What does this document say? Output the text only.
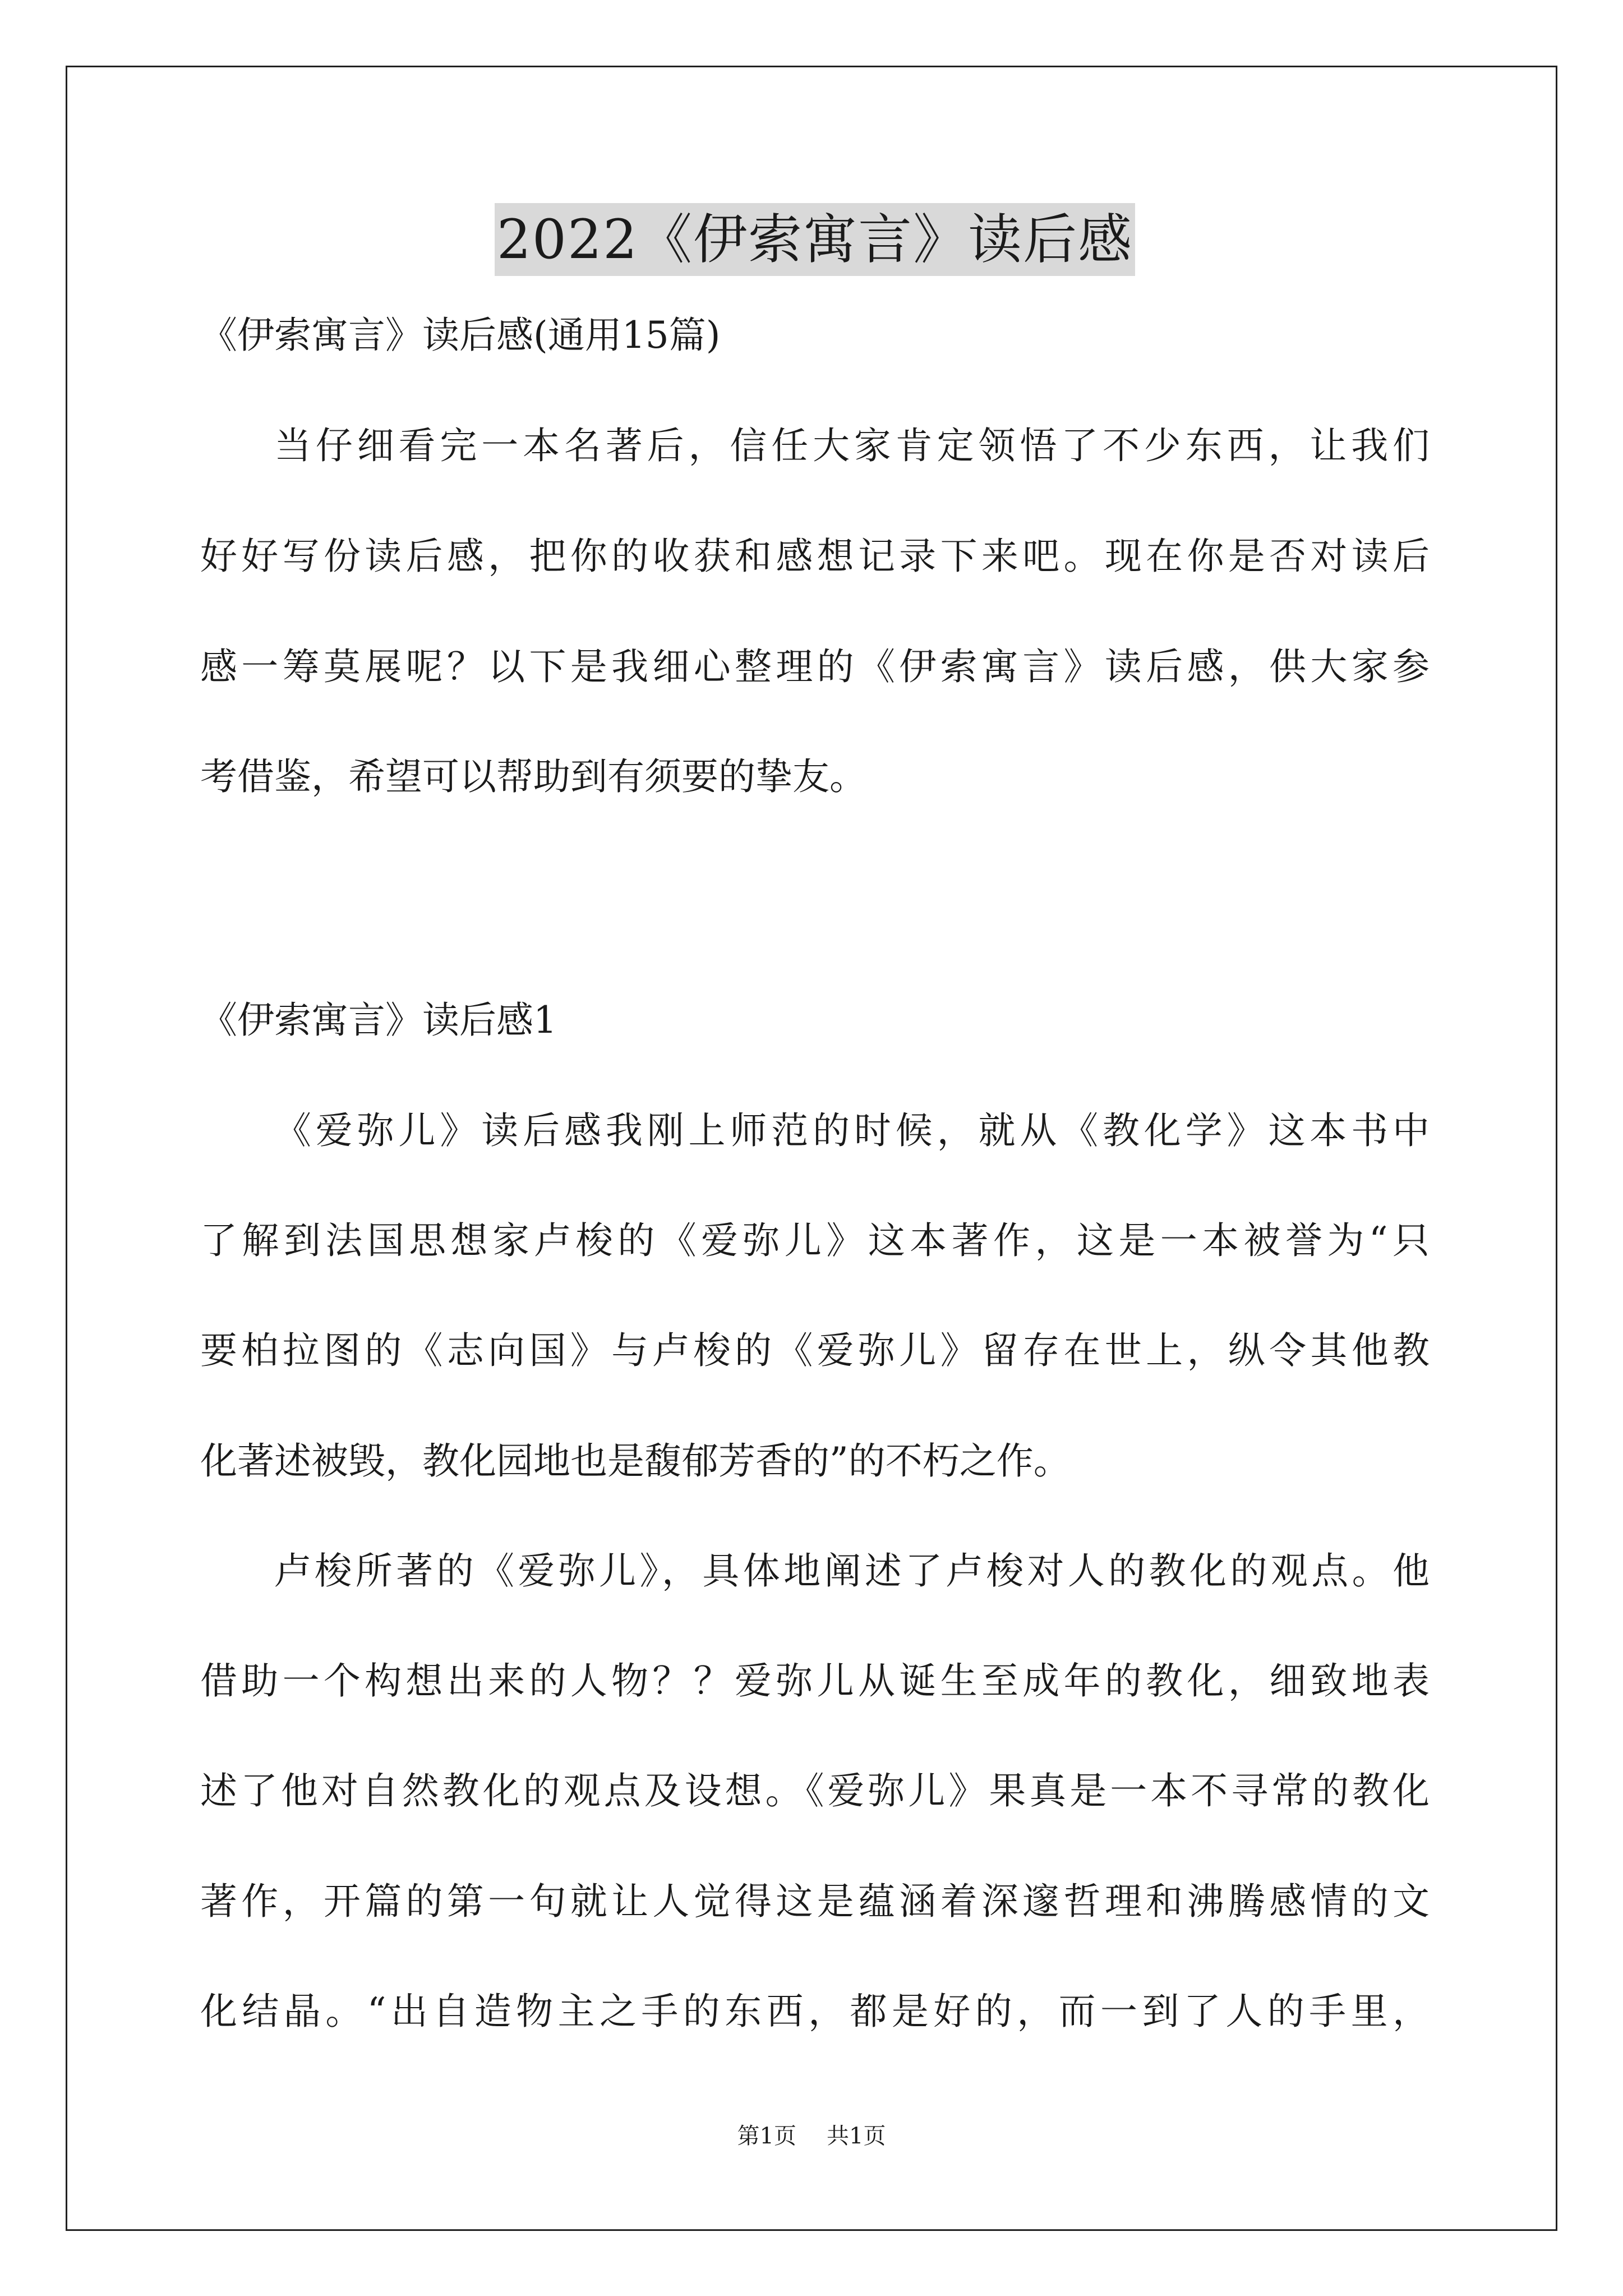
2022《伊索寓言》读后感
《伊索寓言》读后感(通用15篇)
当仔细看完一本名著后，信任大家肯定领悟了不少东西，让我们
好好写份读后感，把你的收获和感想记录下来吧。现在你是否对读后
感一筹莫展呢？以下是我细心整理的《伊索寓言》读后感，供大家参
考借鉴，希望可以帮助到有须要的挚友。
《伊索寓言》读后感1
《爱弥儿》读后感我刚上师范的时候，就从《教化学》这本书中
了解到法国思想家卢梭的《爱弥儿》这本著作，这是一本被誉为“只
要柏拉图的《志向国》与卢梭的《爱弥儿》留存在世上，纵令其他教
化著述被毁，教化园地也是馥郁芳香的”的不朽之作。
卢梭所著的《爱弥儿》，具体地阐述了卢梭对人的教化的观点。他
借助一个构想出来的人物？？爱弥儿从诞生至成年的教化，细致地表
述了他对自然教化的观点及设想。《爱弥儿》果真是一本不寻常的教化
著作，开篇的第一句就让人觉得这是蕴涵着深邃哲理和沸腾感情的文
化结晶。“出自造物主之手的东西，都是好的，而一到了人的手里，
第1页 共1页
